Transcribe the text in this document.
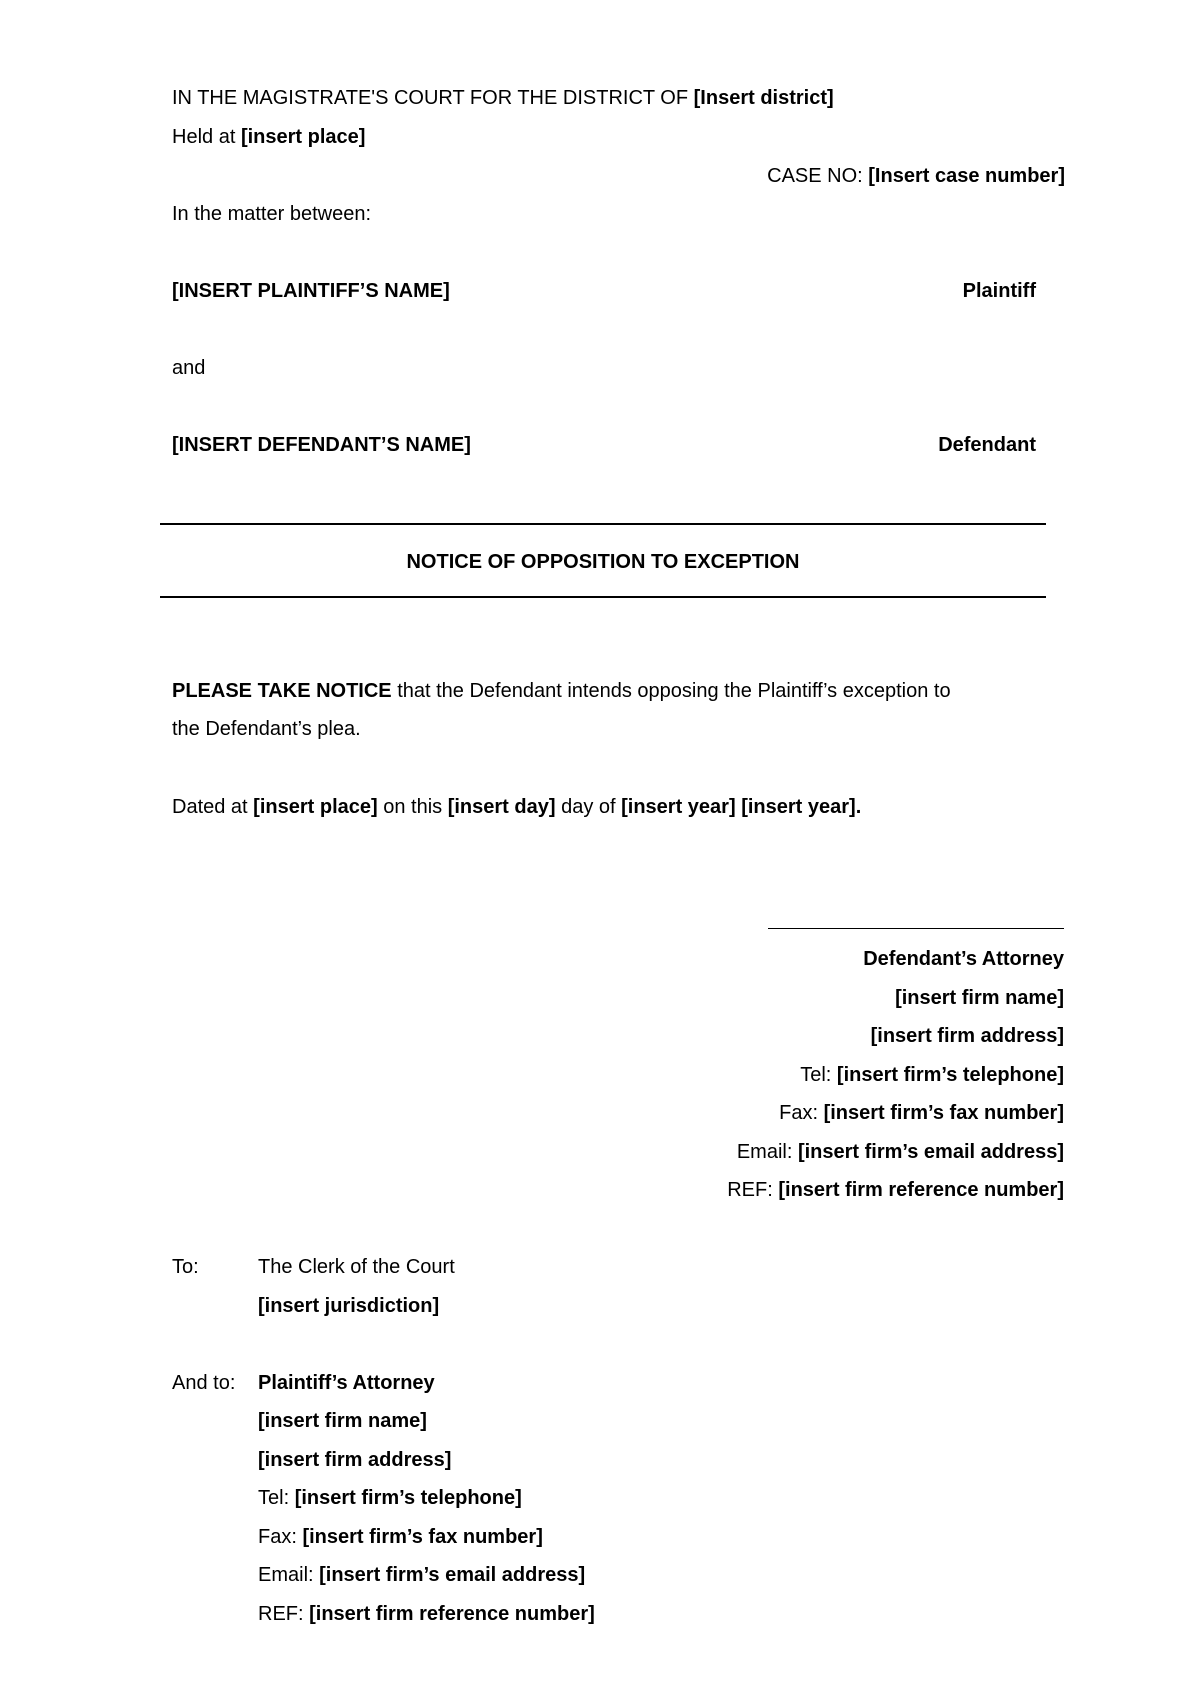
IN THE MAGISTRATE'S COURT FOR THE DISTRICT OF [Insert district]
Held at [insert place]
CASE NO: [Insert case number]
In the matter between:
[INSERT PLAINTIFF’S NAME]	Plaintiff
and
[INSERT DEFENDANT’S NAME]	Defendant
NOTICE OF OPPOSITION TO EXCEPTION
PLEASE TAKE NOTICE that the Defendant intends opposing the Plaintiff’s exception to
the Defendant’s plea.
Dated at [insert place] on this [insert day] day of [insert year] [insert year].
Defendant’s Attorney
[insert firm name]
[insert firm address]
Tel: [insert firm’s telephone]
Fax: [insert firm’s fax number]
Email: [insert firm’s email address]
REF: [insert firm reference number]
To:	The Clerk of the Court
[insert jurisdiction]
And to: Plaintiff’s Attorney
[insert firm name]
[insert firm address]
Tel: [insert firm’s telephone]
Fax: [insert firm’s fax number]
Email: [insert firm’s email address]
REF: [insert firm reference number]
